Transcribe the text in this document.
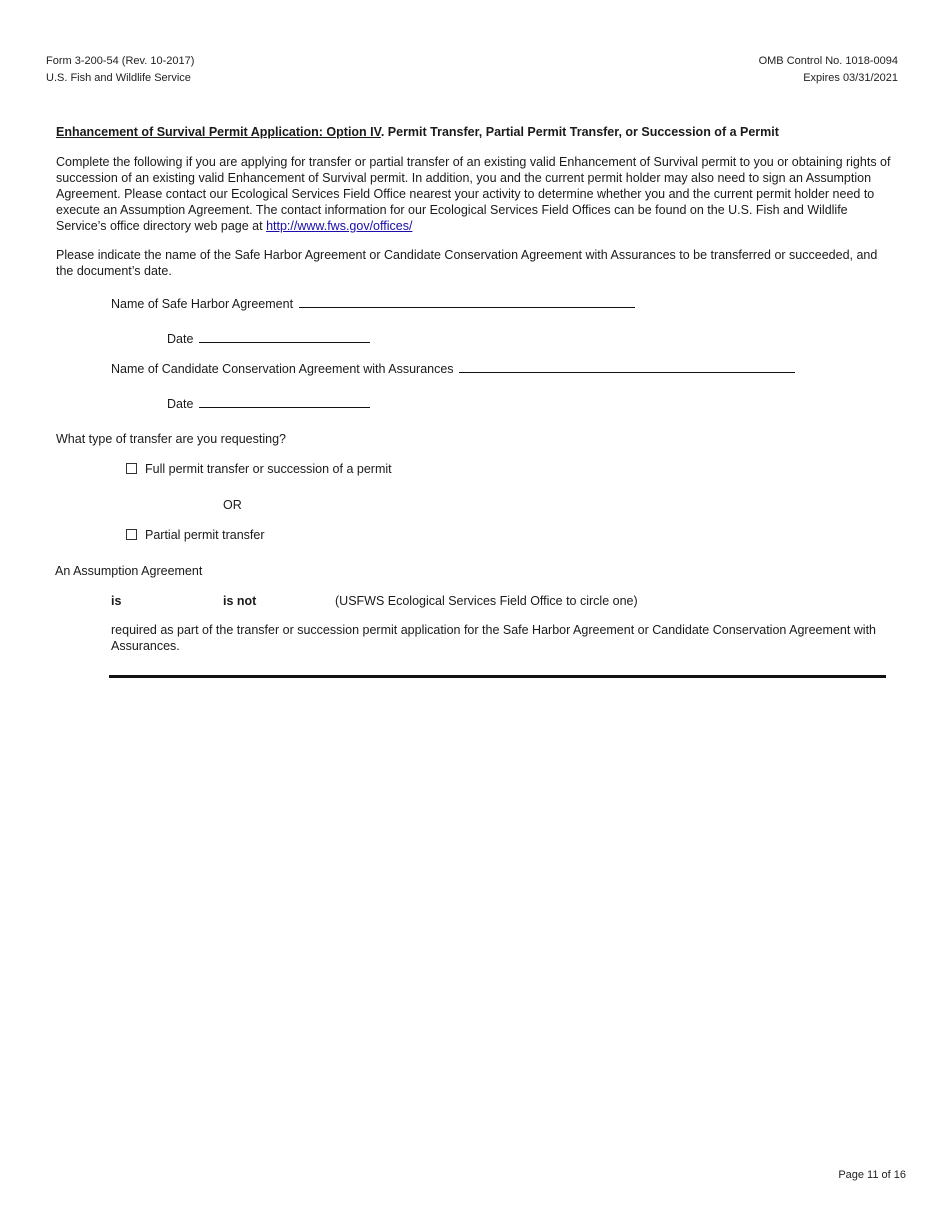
Form 3-200-54 (Rev. 10-2017)
U.S. Fish and Wildlife Service
OMB Control No. 1018-0094
Expires 03/31/2021
Enhancement of Survival Permit Application: Option IV. Permit Transfer, Partial Permit Transfer, or Succession of a Permit
Complete the following if you are applying for transfer or partial transfer of an existing valid Enhancement of Survival permit to you or obtaining rights of succession of an existing valid Enhancement of Survival permit. In addition, you and the current permit holder may also need to sign an Assumption Agreement. Please contact our Ecological Services Field Office nearest your activity to determine whether you and the current permit holder need to execute an Assumption Agreement. The contact information for our Ecological Services Field Offices can be found on the U.S. Fish and Wildlife Service’s office directory web page at http://www.fws.gov/offices/
Please indicate the name of the Safe Harbor Agreement or Candidate Conservation Agreement with Assurances to be transferred or succeeded, and the document’s date.
Name of Safe Harbor Agreement
Date
Name of Candidate Conservation Agreement with Assurances
Date
What type of transfer are you requesting?
Full permit transfer or succession of a permit
OR
Partial permit transfer
An Assumption Agreement
is	is not	(USFWS Ecological Services Field Office to circle one)
required as part of the transfer or succession permit application for the Safe Harbor Agreement or Candidate Conservation Agreement with Assurances.
Page 11 of 16
